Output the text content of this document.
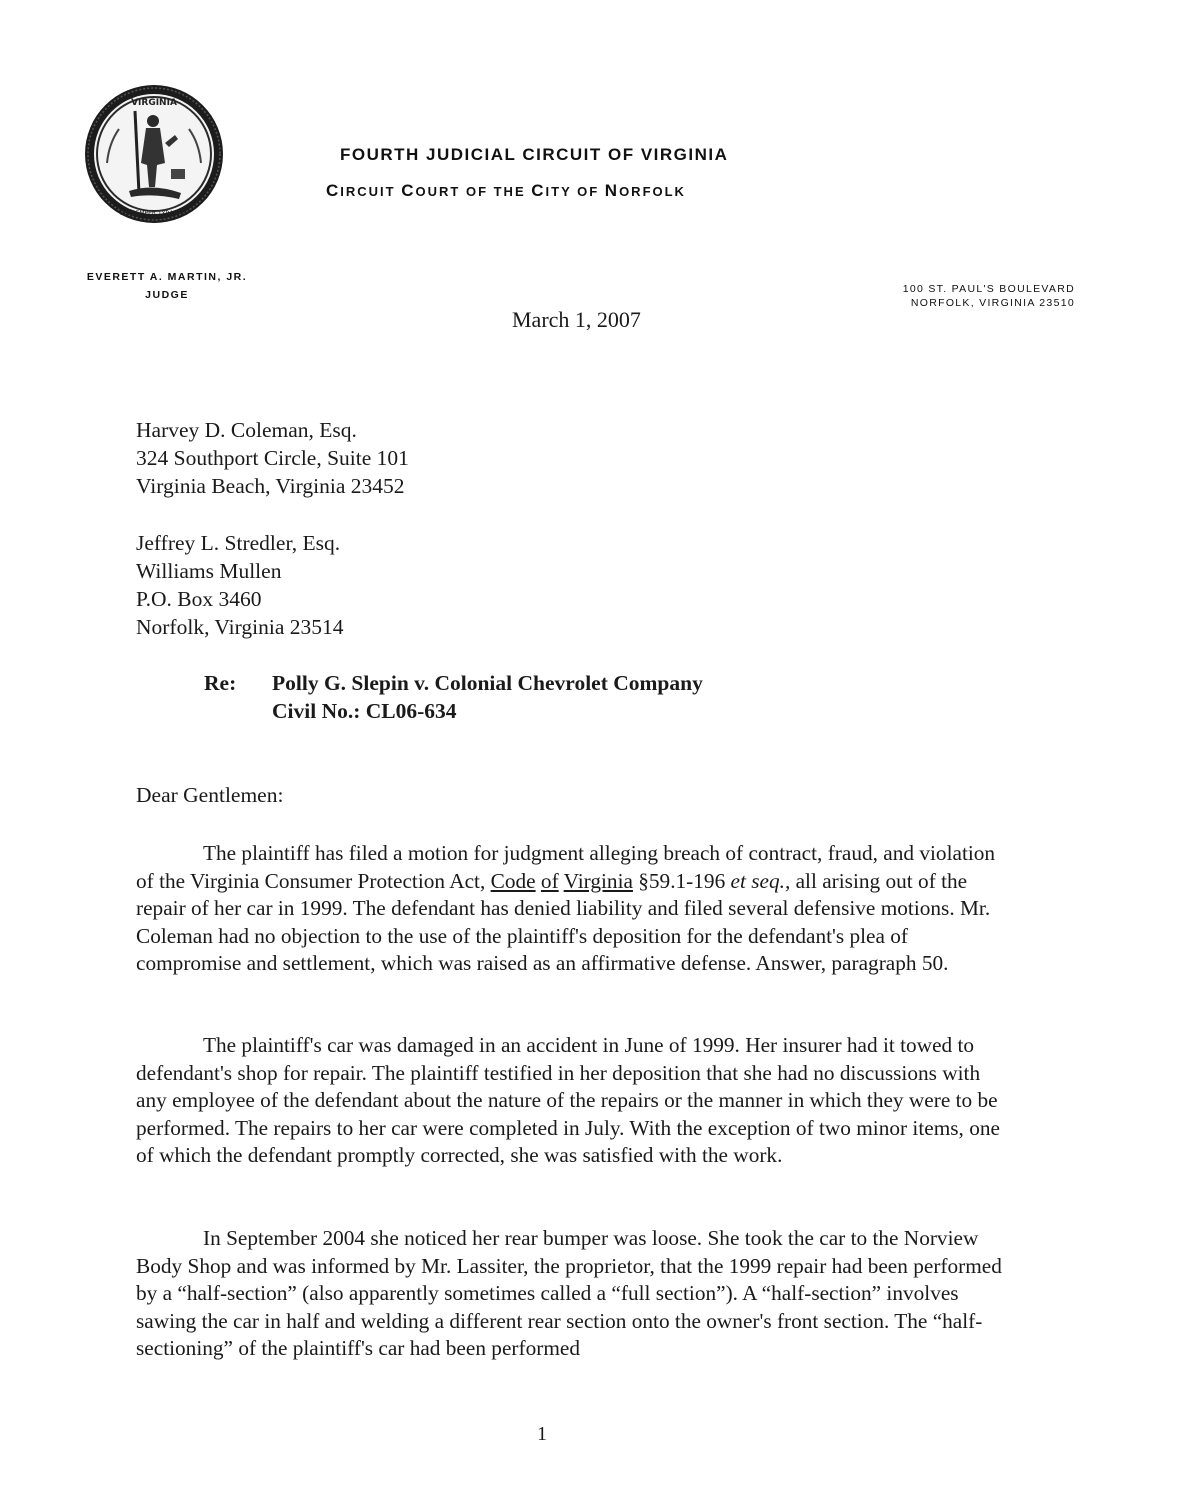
VIRGINIA
SIC SEMPER TYRANNIS
FOURTH JUDICIAL CIRCUIT OF VIRGINIA
CIRCUIT COURT OF THE CITY OF NORFOLK
EVERETT A. MARTIN, JR.
JUDGE	100 ST. PAUL'S BOULEVARD
NORFOLK, VIRGINIA 23510
March 1, 2007
Harvey D. Coleman, Esq.
324 Southport Circle, Suite 101
Virginia Beach, Virginia 23452
Jeffrey L. Stredler, Esq.
Williams Mullen
P.O. Box 3460
Norfolk, Virginia 23514
Re: Polly G. Slepin v. Colonial Chevrolet Company
Civil No.: CL06-634
Dear Gentlemen:

The plaintiff has filed a motion for judgment alleging breach of contract, fraud, and violation of the Virginia Consumer Protection Act, Code of Virginia §59.1-196 et seq., all arising out of the repair of her car in 1999. The defendant has denied liability and filed several defensive motions. Mr. Coleman had no objection to the use of the plaintiff's deposition for the defendant's plea of compromise and settlement, which was raised as an affirmative defense. Answer, paragraph 50.

The plaintiff's car was damaged in an accident in June of 1999. Her insurer had it towed to defendant's shop for repair. The plaintiff testified in her deposition that she had no discussions with any employee of the defendant about the nature of the repairs or the manner in which they were to be performed. The repairs to her car were completed in July. With the exception of two minor items, one of which the defendant promptly corrected, she was satisfied with the work.

In September 2004 she noticed her rear bumper was loose. She took the car to the Norview Body Shop and was informed by Mr. Lassiter, the proprietor, that the 1999 repair had been performed by a “half-section” (also apparently sometimes called a “full section”). A “half-section” involves sawing the car in half and welding a different rear section onto the owner's front section. The “half-sectioning” of the plaintiff's car had been performed

1
